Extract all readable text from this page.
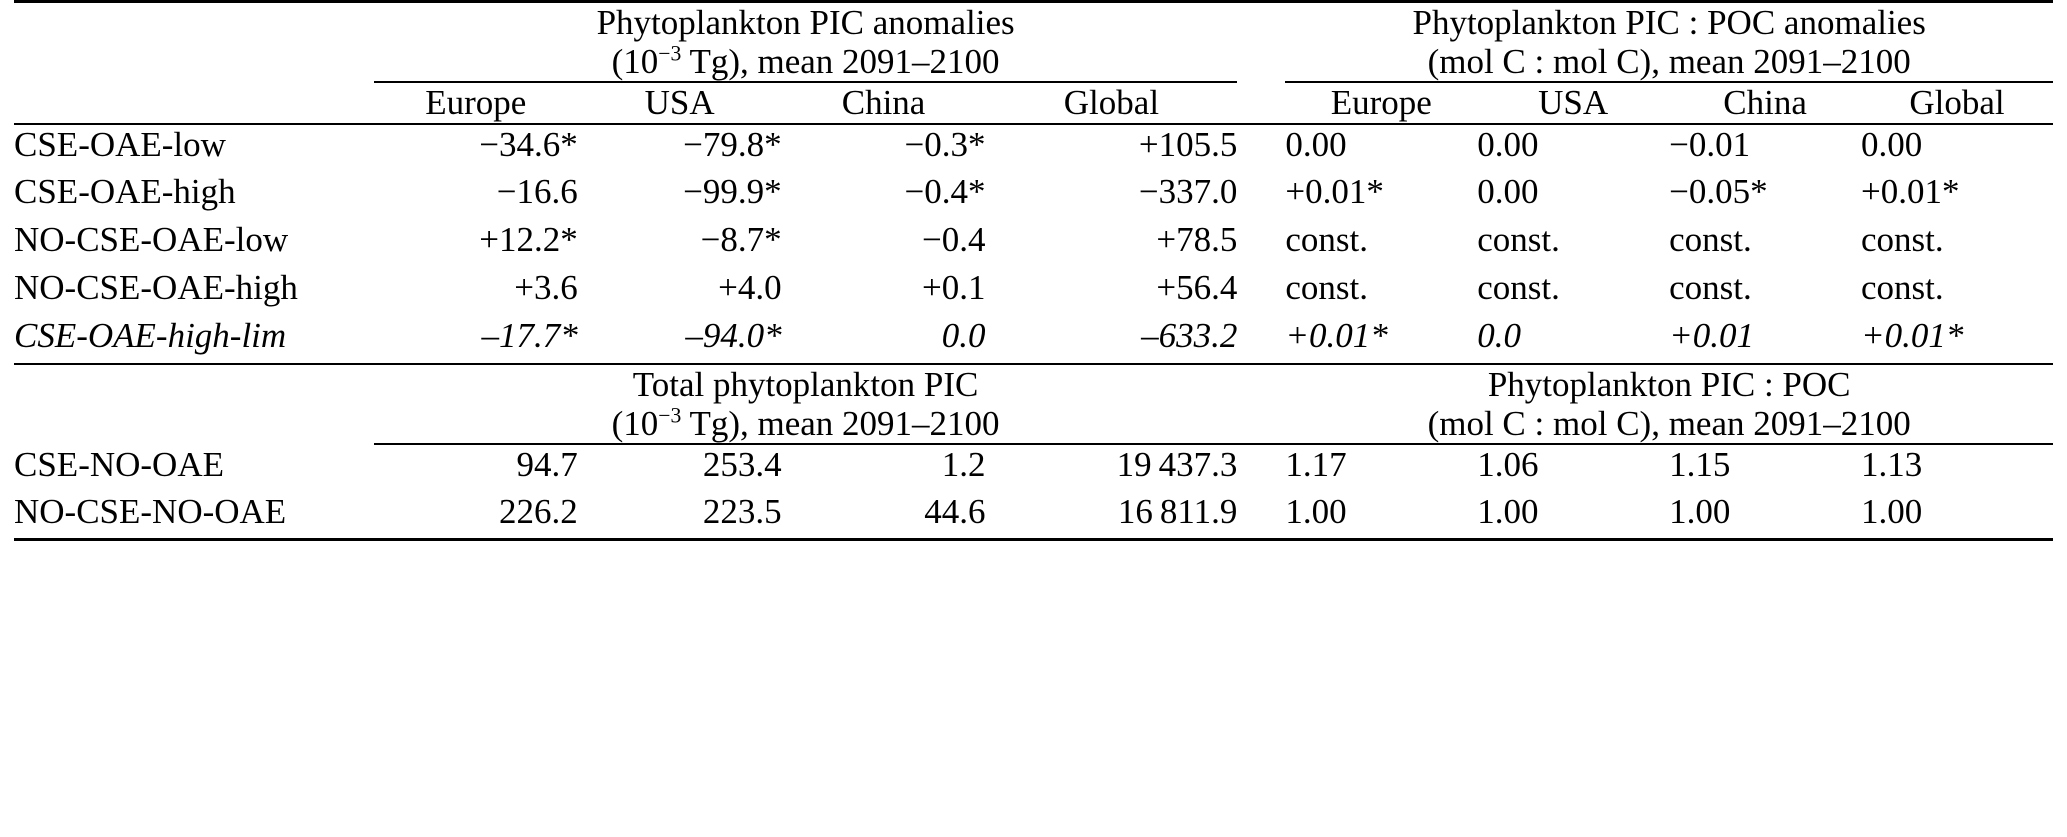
	Phytoplankton PIC anomalies
($10^{-3}$ Tg), mean 2091–2100					Phytoplankton PIC : POC anomalies
(mol C : mol C), mean 2091–2100			

	Europe	USA	China	Global		Europe	USA	China	Global
CSE-OAE-low	−34.6*	−79.8*	−0.3*	+105.5		0.00	0.00	−0.01	0.00
CSE-OAE-high	−16.6	−99.9*	−0.4*	−337.0		+0.01*	0.00	−0.05*	+0.01*
NO-CSE-OAE-low	+12.2*	−8.7*	−0.4	+78.5		const.	const.	const.	const.
NO-CSE-OAE-high	+3.6	+4.0	+0.1	+56.4		const.	const.	const.	const.
CSE-OAE-high-lim	–17.7*	–94.0*	0.0	–633.2		+0.01*	0.0	+0.01	+0.01*
	Total phytoplankton PIC
($10^{-3}$ Tg), mean 2091–2100					Phytoplankton PIC : POC
(mol C : mol C), mean 2091–2100			

CSE-NO-OAE	94.7	253.4	1.2	19 437.3		1.17	1.06	1.15	1.13
NO-CSE-NO-OAE	226.2	223.5	44.6	16 811.9		1.00	1.00	1.00	1.00
